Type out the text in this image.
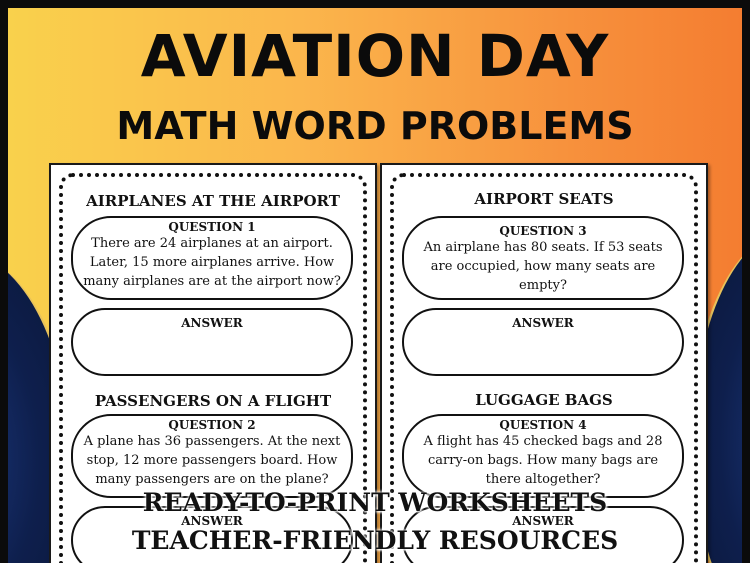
AVIATION DAY
MATH WORD PROBLEMS
AIRPLANES AT THE AIRPORT
QUESTION 1
There are 24 airplanes at an airport. Later, 15 more airplanes arrive. How many airplanes are at the airport now?
ANSWER
PASSENGERS ON A FLIGHT
QUESTION 2
A plane has 36 passengers. At the next stop, 12 more passengers board. How many passengers are on the plane?
ANSWER
AIRPORT SEATS
QUESTION 3
An airplane has 80 seats. If 53 seats are occupied, how many seats are empty?
ANSWER
LUGGAGE BAGS
QUESTION 4
A flight has 45 checked bags and 28 carry-on bags. How many bags are there altogether?
ANSWER
READY-TO-PRINT WORKSHEETS
TEACHER-FRIENDLY RESOURCES
